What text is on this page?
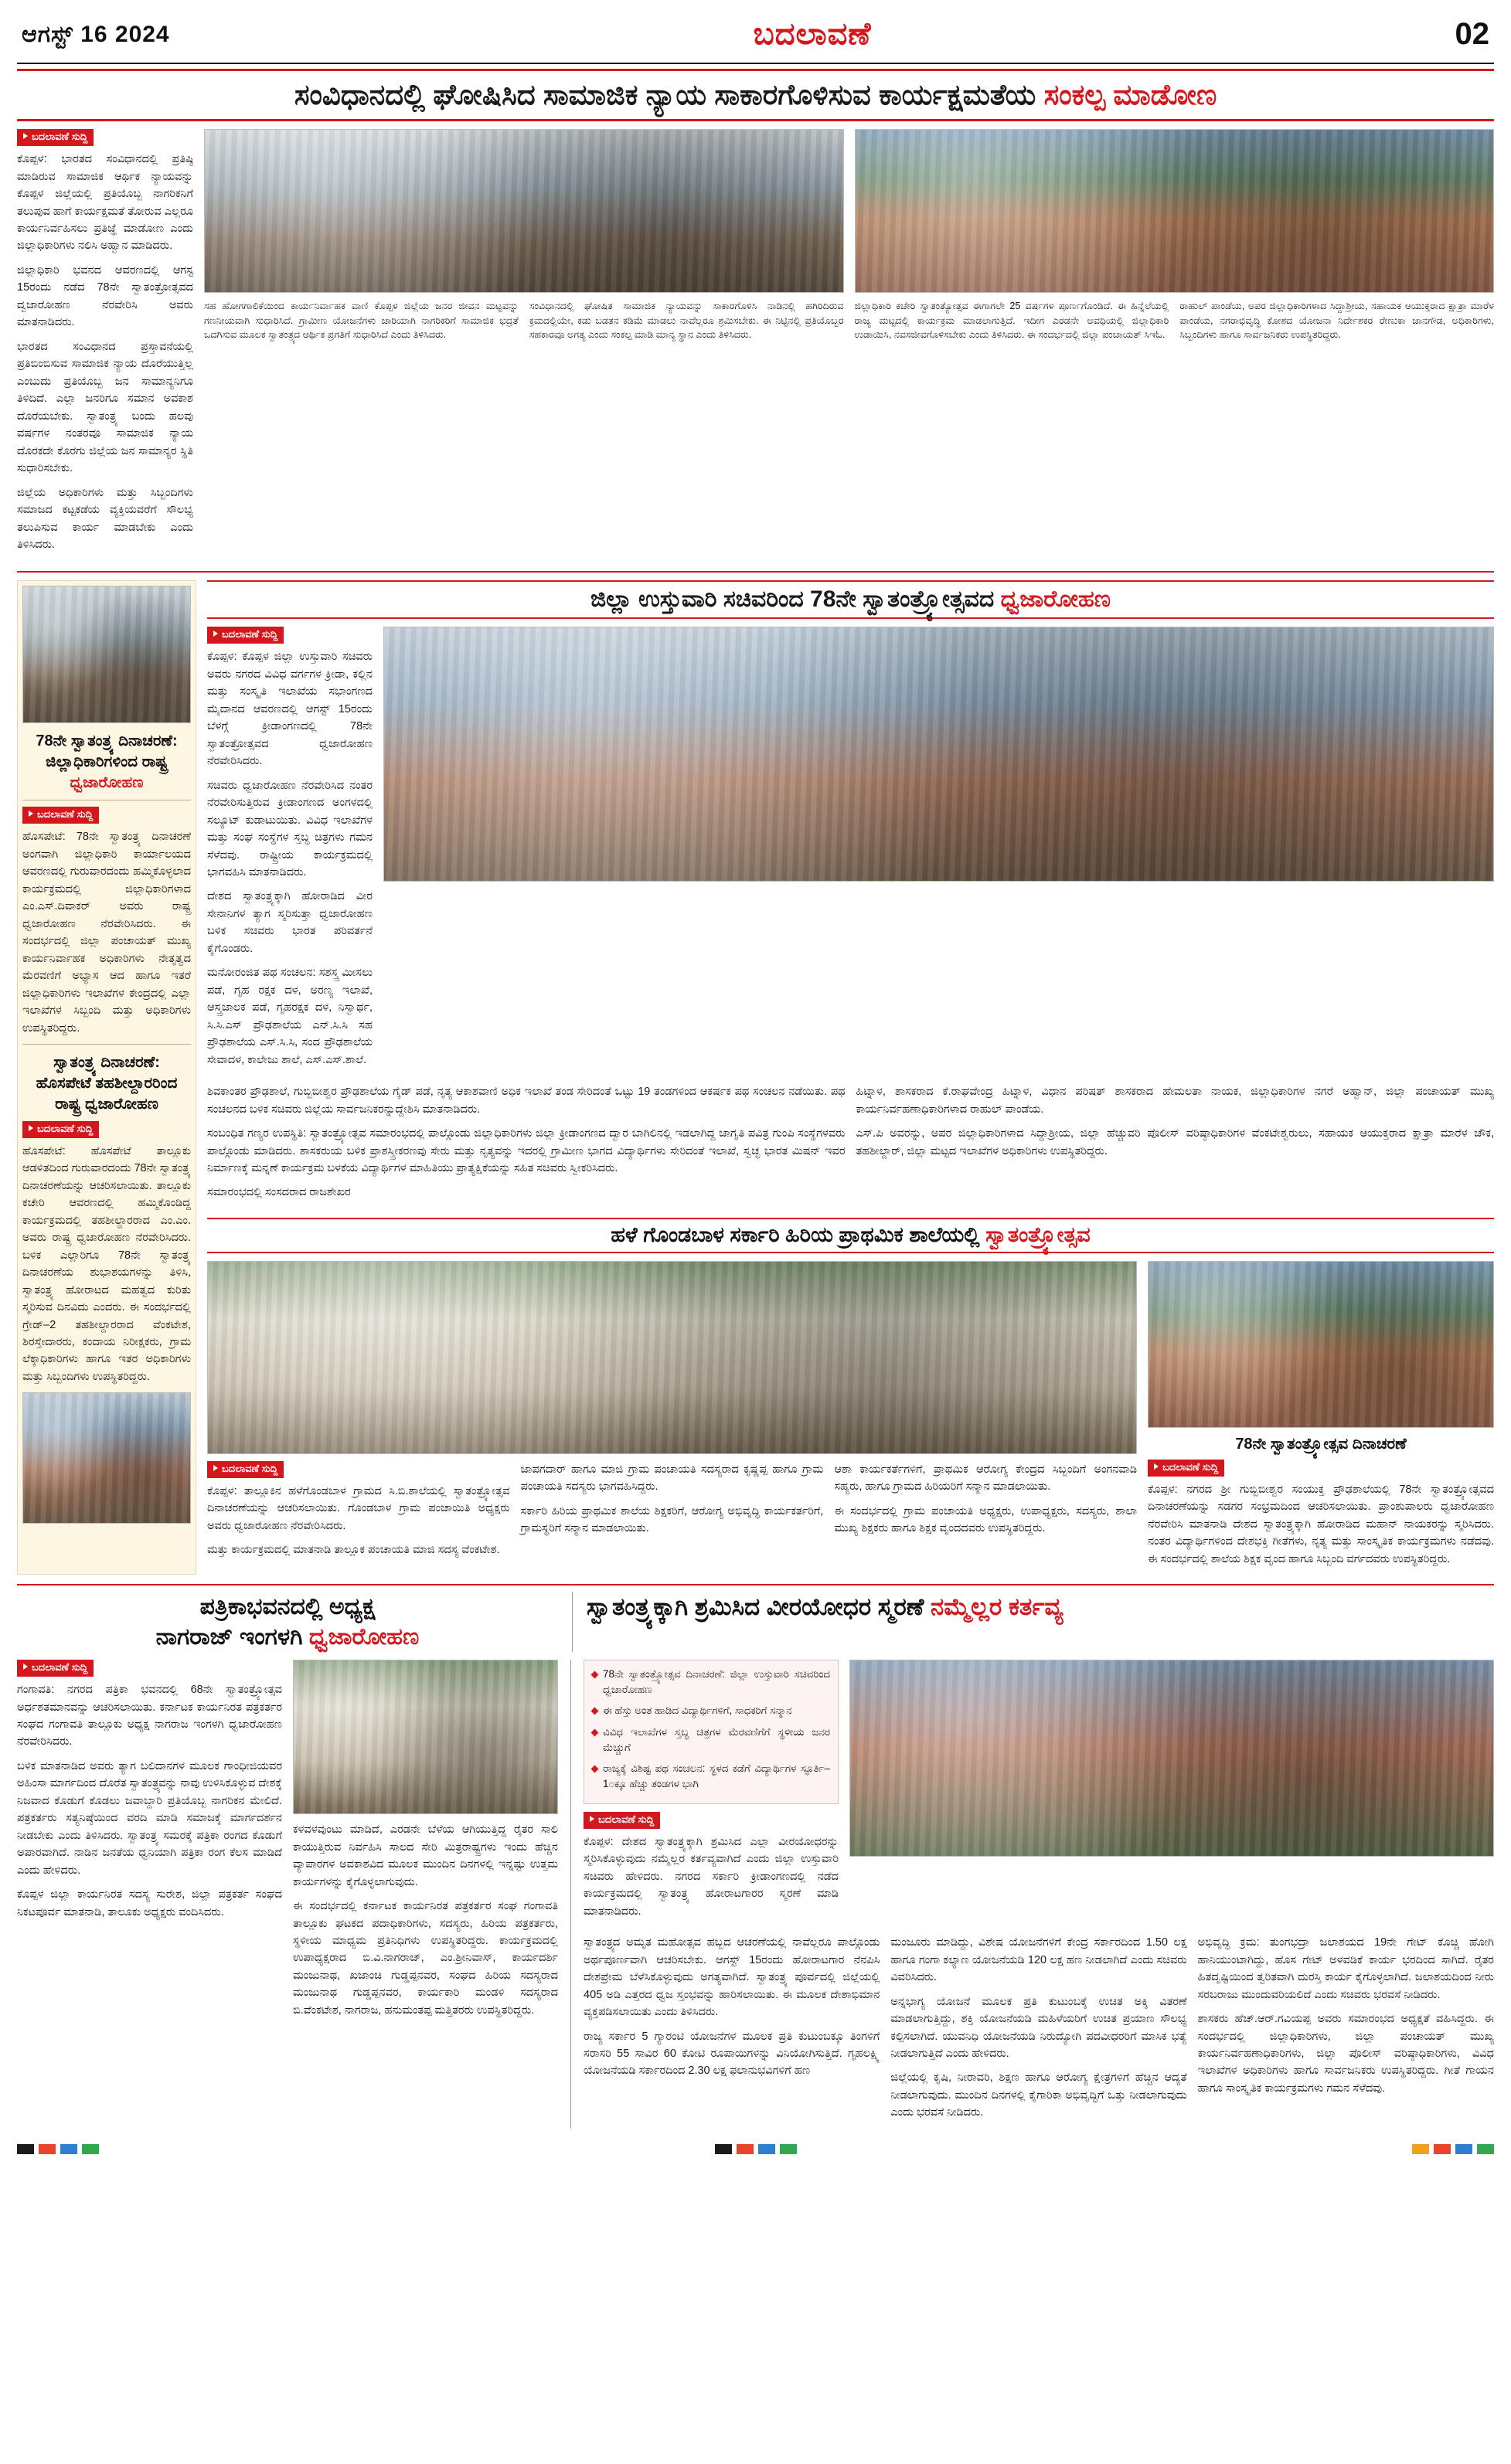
ಆಗಸ್ಟ್ 16 2024	ಬದಲಾವಣೆ	02
ಸಂವಿಧಾನದಲ್ಲಿ ಘೋಷಿಸಿದ ಸಾಮಾಜಿಕ ನ್ಯಾಯ ಸಾಕಾರಗೊಳಿಸುವ ಕಾರ್ಯಕ್ಷಮತೆಯ ಸಂಕಲ್ಪ ಮಾಡೋಣ
ಬದಲಾವಣೆ ಸುದ್ದಿ

ಕೊಪ್ಪಳ: ಭಾರತದ ಸಂವಿಧಾನದಲ್ಲಿ ಪ್ರತಿಷ್ಠಿ ಮಾಡಿರುವ ಸಾಮಾಜಿಕ ಆರ್ಥಿಕ ನ್ಯಾಯವನ್ನು ಕೊಪ್ಪಳ ಜಿಲ್ಲೆಯಲ್ಲಿ ಪ್ರತಿಯೊಬ್ಬ ನಾಗರಿಕನಿಗೆ ತಲುಪುವ ಹಾಗೆ ಕಾರ್ಯಕ್ಷಮತೆ ತೋರುವ ಎಲ್ಲರೂ ಕಾರ್ಯನಿರ್ವಹಿಸಲು ಪ್ರತಿಜ್ಞೆ ಮಾಡೋಣ ಎಂದು ಜಿಲ್ಲಾಧಿಕಾರಿಗಳು ನಲಿಸಿ ಅಹ್ವಾನ ಮಾಡಿದರು.

ಜಿಲ್ಲಾಧಿಕಾರಿ ಭವನದ ಆವರಣದಲ್ಲಿ ಆಗಸ್ಟ 15ರಂದು ನಡೆದ 78ನೇ ಸ್ವಾತಂತ್ರೋತ್ಸವದ ದ್ವಜಾರೋಹಣ ನೆರವೇರಿಸಿ ಅವರು ಮಾತನಾಡಿದರು.

ಭಾರತದ ಸಂವಿಧಾನದ ಪ್ರಸ್ತಾವನೆಯಲ್ಲಿ ಪ್ರತಿಬಿಂಬಿಸುವ ಸಾಮಾಜಿಕ ನ್ಯಾಯ ದೊರೆಯುತ್ತಿಲ್ಲ ಎಂಬುದು ಪ್ರತಿಯೊಬ್ಬ ಜನ ಸಾಮಾನ್ಯನಿಗೂ ತಿಳಿದಿದೆ. ಎಲ್ಲಾ ಜನರಿಗೂ ಸಮಾನ ಅವಕಾಶ ದೊರೆಯಬೇಕು. ಸ್ವಾತಂತ್ರ್ಯ ಬಂದು ಹಲವು ವರ್ಷಗಳ ನಂತರವೂ ಸಾಮಾಜಿಕ ನ್ಯಾಯ ದೊರಕದೇ ಕೊರಗು ಜಿಲ್ಲೆಯ ಜನ ಸಾಮಾನ್ಯರ ಸ್ಥಿತಿ ಸುಧಾರಿಸಬೇಕು.

ಜಿಲ್ಲೆಯ ಅಧಿಕಾರಿಗಳು ಮತ್ತು ಸಿಬ್ಬಂದಿಗಳು ಸಮಾಜದ ಕಟ್ಟಕಡೆಯ ವ್ಯಕ್ತಿಯವರೆಗೆ ಸೌಲಭ್ಯ ತಲುಪಿಸುವ ಕಾರ್ಯ ಮಾಡಬೇಕು ಎಂದು ತಿಳಿಸಿದರು.

ಸಹ ಹೋಗಗಾಲಿಕೆಯಿಂದ ಕಾರ್ಯನಿರ್ವಾಹಕ ವಾಣಿ ಕೊಪ್ಪಳ ಜಿಲ್ಲೆಯ ಜನರ ಜೀವನ ಮಟ್ಟವನ್ನು ಗಣನೀಯವಾಗಿ ಸುಧಾರಿಸಿದೆ. ಗ್ರಾಮೀಣ ಯೋಜನೆಗಳು ಜಾರಿಯಾಗಿ ನಾಗರಿಕರಿಗೆ ಸಾಮಾಜಿಕ ಭದ್ರತೆ ಒದಗಿಸುವ ಮೂಲಕ ಸ್ವಾತಂತ್ರ್ಯದ ಆರ್ಥಿಕ ಪ್ರಗತಿಗೆ ಸುಧಾರಿಸಿದೆ ಎಂದು ತಿಳಿಸಿದರು.
ಸಂವಿಧಾನದಲ್ಲಿ ಘೋಷಿತ ಸಾಮಾಜಿಕ ನ್ಯಾಯವನ್ನು ಸಾಕಾರಗೊಳಿಸಿ ನಾಡಿನಲ್ಲಿ ಹಗಿರಿದಿರುವ ಕ್ರಮದಲ್ಲಿಯೇ, ಕಡು ಬಡತನ ಕಡಿಮೆ ಮಾಡಲು ನಾವೆಲ್ಲರೂ ಶ್ರಮಿಸಬೇಕು. ಈ ನಿಟ್ಟಿನಲ್ಲಿ ಪ್ರತಿಯೊಬ್ಬರ ಸಹಕಾರವೂ ಅಗತ್ಯ ಎಂದು ಸಂಕಲ್ಪ ಮಾಡಿ ಮಾನ್ಯ ಸ್ಥಾನ ಎಂದು ತಿಳಿಸಿದರು.
ಜಿಲ್ಲಾಧಿಕಾರಿ ಕಚೇರಿ ಸ್ವಾತಂತ್ಯೋತ್ಸವ ಈಗಾಗಲೇ 25 ವರ್ಷಗಳ ಪೂರ್ಣಗೊಂಡಿದೆ. ಈ ಹಿನ್ನೆಲೆಯಲ್ಲಿ ರಾಜ್ಯ ಮಟ್ಟದಲ್ಲಿ ಕಾರ್ಯಕ್ರಮ ಮಾಡಲಾಗುತ್ತಿದೆ. ಇದೀಗ ಎರಡನೇ ಅವಧಿಯಲ್ಲಿ ಜಿಲ್ಲಾಧಿಕಾರಿ ಉಡಾಯಿಸಿ, ನವಸಜೀವಗೊಳಿಸಬೇಕು ಎಂದು ತಿಳಿಸಿದರು. ಈ ಸಂದರ್ಭದಲ್ಲಿ ಜಿಲ್ಲಾ ಪಂಚಾಯತ್ ಸಿಇಓ.
ರಾಹುಲ್ ಪಾಂಡೆಯ, ಅಪರ ಜಿಲ್ಲಾಧಿಕಾರಿಗಳಾದ ಸಿದ್ದಾಶ್ರೀಯ, ಸಹಾಯಕ ಆಯುಕ್ತರಾದ ಕ್ಷಾತ್ರಾ ಮಾರೆಳ ಪಾಂಡೆಯ, ನಗರಾಭಿವೃದ್ಧಿ ಕೋಶದ ಯೋಜನಾ ನಿರ್ದೇಶಕರ ರೇಣುಕಾ ಜಾನಗೌಡ, ಅಧಿಕಾರಿಗಳು, ಸಿಬ್ಬಂದಿಗಳು ಹಾಗೂ ಸಾರ್ವಜನಿಕರು ಉಪಸ್ಥಿತರಿದ್ದರು.
78ನೇ ಸ್ವಾತಂತ್ರ್ಯ ದಿನಾಚರಣೆ:
ಜಿಲ್ಲಾಧಿಕಾರಿಗಳಿಂದ ರಾಷ್ಟ್ರ
ಧ್ವಜಾರೋಹಣ
ಬದಲಾವಣೆ ಸುದ್ದಿ

ಹೊಸಪೇಟೆ: 78ನೇ ಸ್ವಾತಂತ್ರ್ಯ ದಿನಾಚರಣೆ ಅಂಗವಾಗಿ ಜಿಲ್ಲಾಧಿಕಾರಿ ಕಾರ್ಯಾಲಯದ ಆವರಣದಲ್ಲಿ ಗುರುವಾರದಂದು ಹಮ್ಮಿಕೊಳ್ಳಲಾದ ಕಾರ್ಯಕ್ರಮದಲ್ಲಿ ಜಿಲ್ಲಾಧಿಕಾರಿಗಳಾದ ಎಂ.ಎಸ್.ದಿವಾಕರ್ ಅವರು ರಾಷ್ಟ್ರ ಧ್ವಜಾರೋಹಣ ನೆರವೇರಿಸಿದರು. ಈ ಸಂದರ್ಭದಲ್ಲಿ ಜಿಲ್ಲಾ ಪಂಚಾಯತ್ ಮುಖ್ಯ ಕಾರ್ಯನಿರ್ವಾಹಕ ಅಧಿಕಾರಿಗಳು ನೇತೃತ್ವದ ಮೆರವಣಿಗೆ ಅಭ್ಯಾಸ ಆದ ಹಾಗೂ ಇತರೆ ಜಿಲ್ಲಾಧಿಕಾರಿಗಳು ಇಲಾಖೆಗಳ ಕೇಂದ್ರದಲ್ಲಿ ಎಲ್ಲಾ ಇಲಾಖೆಗಳ ಸಿಬ್ಬಂದಿ ಮತ್ತು ಅಧಿಕಾರಿಗಳು ಉಪಸ್ಥಿತರಿದ್ದರು.

ಸ್ವಾತಂತ್ರ್ಯ ದಿನಾಚರಣೆ:
ಹೊಸಪೇಟೆ ತಹಶೀಲ್ದಾರರಿಂದ
ರಾಷ್ಟ್ರ ಧ್ವಜಾರೋಹಣ
ಬದಲಾವಣೆ ಸುದ್ದಿ

ಹೊಸಪೇಟೆ: ಹೊಸಪೇಟೆ ತಾಲ್ಲೂಕು ಆಡಳಿತದಿಂದ ಗುರುವಾರದಂದು 78ನೇ ಸ್ವಾತಂತ್ರ್ಯ ದಿನಾಚರಣೆಯನ್ನು ಆಚರಿಸಲಾಯಿತು. ತಾಲ್ಲೂಕು ಕಚೇರಿ ಆವರಣದಲ್ಲಿ ಹಮ್ಮಿಕೊಂಡಿದ್ದ ಕಾರ್ಯಕ್ರಮದಲ್ಲಿ ತಹಶೀಲ್ದಾರರಾದ ಎಂ.ಎಂ. ಅವರು ರಾಷ್ಟ್ರ ಧ್ವಜಾರೋಹಣ ನೆರವೇರಿಸಿದರು. ಬಳಿಕ ಎಲ್ಲಾರಿಗೂ 78ನೇ ಸ್ವಾತಂತ್ರ್ಯ ದಿನಾಚರಣೆಯ ಶುಭಾಶಯಗಳನ್ನು ತಿಳಿಸಿ, ಸ್ವಾತಂತ್ರ್ಯ ಹೋರಾಟದ ಮಹತ್ವದ ಕುರಿತು ಸ್ಮರಿಸುವ ದಿನವಿದು ಎಂದರು. ಈ ಸಂದರ್ಭದಲ್ಲಿ ಗ್ರೇಡ್–2 ತಹಶೀಲ್ದಾರರಾದ ವೆಂಕಟೇಶ, ಶಿರಸ್ತೇದಾರರು, ಕಂದಾಯ ನಿರೀಕ್ಷಕರು, ಗ್ರಾಮ ಲೆಕ್ಕಾಧಿಕಾರಿಗಳು ಹಾಗೂ ಇತರ ಅಧಿಕಾರಿಗಳು ಮತ್ತು ಸಿಬ್ಬಂದಿಗಳು ಉಪಸ್ಥಿತರಿದ್ದರು.

ಜಿಲ್ಲಾ ಉಸ್ತುವಾರಿ ಸಚಿವರಿಂದ 78ನೇ ಸ್ವಾತಂತ್ರ್ಯೋತ್ಸವದ ಧ್ವಜಾರೋಹಣ
ಬದಲಾವಣೆ ಸುದ್ದಿ

ಕೊಪ್ಪಳ: ಕೊಪ್ಪಳ ಜಿಲ್ಲಾ ಉಸ್ತುವಾರಿ ಸಚಿವರು ಅವರು ನಗರದ ವಿವಿಧ ವರ್ಗಗಳ ಕ್ರೀಡಾ, ಕಲ್ಲಿನ ಮತ್ತು ಸಂಸ್ಕೃತಿ ಇಲಾಖೆಯ ಸಭಾಂಗಣದ ಮೈದಾನದ ಆವರಣದಲ್ಲಿ ಆಗಸ್ಟ್ 15ರಂದು ಬೆಳಗ್ಗೆ ಕ್ರೀಡಾಂಗಣದಲ್ಲಿ 78ನೇ ಸ್ವಾತಂತ್ರೋತ್ಸವದ ಧ್ವಜಾರೋಹಣ ನೆರವೇರಿಸಿದರು.

ಸಚಿವರು ಧ್ವಜಾರೋಹಣ ನೆರವೇರಿಸಿದ ನಂತರ ನೆರವೇರಿಸುತ್ತಿರುವ ಕ್ರೀಡಾಂಗಣದ ಅಂಗಳದಲ್ಲಿ ಸಲ್ಯೂಟ್ ಕುಡಾಟುಯಿತು. ವಿವಿಧ ಇಲಾಖೆಗಳ ಮತ್ತು ಸಂಘ ಸಂಸ್ಥೆಗಳ ಸ್ತಬ್ಧ ಚಿತ್ರಗಳು ಗಮನ ಸೆಳೆದವು. ರಾಷ್ಟ್ರೀಯ ಕಾರ್ಯಕ್ರಮದಲ್ಲಿ ಭಾಗವಹಿಸಿ ಮಾತನಾಡಿದರು.

ದೇಶದ ಸ್ವಾತಂತ್ರ್ಯಕ್ಕಾಗಿ ಹೋರಾಡಿದ ವೀರ ಸೇನಾನಿಗಳ ತ್ಯಾಗ ಸ್ಮರಿಸುತ್ತಾ ಧ್ವಜಾರೋಹಣ ಬಳಿಕ ಸಚಿವರು ಭಾರತ ಪರಿವರ್ತನೆ ಕೈಗೊಂಡರು.

ಮನೋರಂಜಿತ ಪಥ ಸಂಚಲನ: ಸಶಸ್ತ್ರ ಮೀಸಲು ಪಡೆ, ಗೃಹ ರಕ್ಷಕ ದಳ, ಅರಣ್ಯ ಇಲಾಖೆ, ಆಸ್ತ್ರಜಾಲಕ ಪಡೆ, ಗೃಹರಕ್ಷಕ ದಳ, ನಿಸ್ವಾರ್ಥ, ಸಿ.ಸಿ.ಎಸ್ ಪ್ರೌಢಶಾಲೆಯ ಎನ್.ಸಿ.ಸಿ ಸಹ ಪ್ರೌಢಶಾಲೆಯ ಎಸ್.ಸಿ.ಸಿ, ಸಂದ ಪ್ರೌಢಶಾಲೆಯ ಸೇವಾದಳ, ಕಾಲೇಜು ಶಾಲೆ, ಎಸ್.ಎಸ್.ಶಾಲೆ.

ಶಿವಕಾಂತರ ಪ್ರೌಢಶಾಲೆ, ಗುಬ್ಬಿಬೀಶ್ವರ ಪ್ರೌಢಶಾಲೆಯ ಗೈಡ್ ಪಡೆ, ನೃತ್ಯ ಆಕಾಶವಾಣಿ ಅಧಿಕ ಇಲಾಖೆ ತಂಡ ಸೇರಿದಂತೆ ಒಟ್ಟು 19 ತಂಡಗಳಿಂದ ಆಕರ್ಷಕ ಪಥ ಸಂಚಲನ ನಡೆಯಿತು. ಪಥ ಸಂಚಲನದ ಬಳಿಕ ಸಚಿವರು ಜಿಲ್ಲೆಯ ಸಾರ್ವಜನಿಕರನ್ನುದ್ದೇಶಿಸಿ ಮಾತನಾಡಿದರು.

ಸಂಬಂಧಿತ ಗಣ್ಯರ ಉಪಸ್ಥಿತಿ: ಸ್ವಾತಂತ್ರ್ಯೋತ್ಸವ ಸಮಾರಂಭದಲ್ಲಿ ಪಾಲ್ಗೊಂಡು ಜಿಲ್ಲಾಧಿಕಾರಿಗಳು ಜಿಲ್ಲಾ ಕ್ರೀಡಾಂಗಣದ ದ್ವಾರ ಬಾಗಿಲಿನಲ್ಲಿ ಇಡಲಾಗಿದ್ದ ಜಾಗೃತಿ ಪವಿತ್ರ ಗುಂಪಿ ಸಂಸ್ಥೆಗಳವರು ಪಾಲ್ಗೊಂಡು ಮಾಡಿದರು. ಶಾಸಕರುಯ ಬಳಿಕ ಪ್ರಾಶಸ್ತ್ರೀಕರಣವು ಸೇರು ಮತ್ತು ನೃತ್ಯವನ್ನು ಇದರಲ್ಲಿ ಗ್ರಾಮೀಣ ಭಾಗದ ವಿದ್ಯಾರ್ಥಿಗಳು ಸೇರಿದಂತೆ ಇಲಾಖೆ, ಸ್ವಚ್ಛ ಭಾರತ ಮಿಷನ್ ಇವರ ನಿರ್ಮಾಣಕ್ಕೆ ಮನ್ನಣೆ ಕಾರ್ಯಕ್ರಮ ಬಳಕೆಯ ವಿದ್ಯಾರ್ಥಿಗಳ ಮಾಹಿತಿಯು ಪ್ರಾತ್ಯಕ್ಷಿಕೆಯನ್ನು ಸಹಿತ ಸಚಿವರು ಸ್ವೀಕರಿಸಿದರು.

ಸಮಾರಂಭದಲ್ಲಿ ಸಂಸದರಾದ ರಾಜಶೇಖರ

ಹಿಟ್ನಾಳ, ಶಾಸಕರಾದ ಕೆ.ರಾಘವೇಂದ್ರ ಹಿಟ್ನಾಳ, ವಿಧಾನ ಪರಿಷತ್ ಶಾಸಕರಾದ ಹೇಮಲತಾ ನಾಯಕ, ಜಿಲ್ಲಾಧಿಕಾರಿಗಳ ನಗರೆ ಅಹ್ವಾನ್, ಜಿಲ್ಲಾ ಪಂಚಾಯತ್ ಮುಖ್ಯ ಕಾರ್ಯನಿರ್ವಹಣಾಧಿಕಾರಿಗಳಾದ ರಾಹುಲ್ ಪಾಂಡೆಯ.

ಎಸ್.ಪಿ ಅವರನ್ನು, ಅಪರ ಜಿಲ್ಲಾಧಿಕಾರಿಗಳಾದ ಸಿದ್ದಾಶ್ರೀಯ, ಜಿಲ್ಲಾ ಹೆಚ್ಚುವರಿ ಪೊಲೀಸ್ ವರಿಷ್ಠಾಧಿಕಾರಿಗಳ ವೆಂಕಟೇಶ್ವರುಲು, ಸಹಾಯಕ ಆಯುಕ್ತರಾದ ಕ್ಷಾತ್ರಾ ಮಾರೆಳ ಚೌಕ, ತಹಶೀಲ್ದಾರ್, ಜಿಲ್ಲಾ ಮಟ್ಟದ ಇಲಾಖೆಗಳ ಅಧಿಕಾರಿಗಳು ಉಪಸ್ಥಿತರಿದ್ದರು.

ಹಳೆ ಗೊಂಡಬಾಳ ಸರ್ಕಾರಿ ಹಿರಿಯ ಪ್ರಾಥಮಿಕ ಶಾಲೆಯಲ್ಲಿ ಸ್ವಾತಂತ್ರ್ಯೋತ್ಸವ
ಬದಲಾವಣೆ ಸುದ್ದಿ

ಕೊಪ್ಪಳ: ತಾಲ್ಲೂಕಿನ ಹಳೆಗೊಂಡಬಾಳ ಗ್ರಾಮದ ಸಿ.ಬಿ.ಶಾಲೆಯಲ್ಲಿ ಸ್ವಾತಂತ್ರ್ಯೋತ್ಸವ ದಿನಾಚರಣೆಯನ್ನು ಆಚರಿಸಲಾಯಿತು. ಗೊಂಡಬಾಳ ಗ್ರಾಮ ಪಂಚಾಯಿತಿ ಅಧ್ಯಕ್ಷರು ಅವರು ಧ್ವಜಾರೋಹಣ ನೆರವೇರಿಸಿದರು.

ಮತ್ತು ಕಾರ್ಯಕ್ರಮದಲ್ಲಿ ಮಾತನಾಡಿ ತಾಲ್ಲೂಕ ಪಂಚಾಯತಿ ಮಾಜಿ ಸದಸ್ಯ ವೆಂಕಟೇಶ.

ಜಾಪಗದಾರ್ ಹಾಗೂ ಮಾಜಿ ಗ್ರಾಮ ಪಂಚಾಯತಿ ಸದಸ್ಯರಾದ ಕೃಷ್ಣಪ್ಪ ಹಾಗೂ ಗ್ರಾಮ ಪಂಚಾಯತಿ ಸದಸ್ಯರು ಭಾಗವಹಿಸಿದ್ದರು.

ಸರ್ಕಾರಿ ಹಿರಿಯ ಪ್ರಾಥಮಿಕ ಶಾಲೆಯ ಶಿಕ್ಷಕರಿಗೆ, ಆರೋಗ್ಯ ಅಭಿವೃದ್ಧಿ ಕಾರ್ಯಕರ್ತರಿಗೆ, ಗ್ರಾಮಸ್ಥರಿಗೆ ಸನ್ಮಾನ ಮಾಡಲಾಯಿತು.

ಆಶಾ ಕಾರ್ಯಕರ್ತೆಗಳಿಗೆ, ಪ್ರಾಥಮಿಕ ಆರೋಗ್ಯ ಕೇಂದ್ರದ ಸಿಬ್ಬಂದಿಗೆ ಅಂಗನವಾಡಿ ಸಹ್ಯರು, ಹಾಗೂ ಗ್ರಾಮದ ಹಿರಿಯರಿಗೆ ಸನ್ಮಾನ ಮಾಡಲಾಯಿತು.

ಈ ಸಂದರ್ಭದಲ್ಲಿ ಗ್ರಾಮ ಪಂಚಾಯತಿ ಅಧ್ಯಕ್ಷರು, ಉಪಾಧ್ಯಕ್ಷರು, ಸದಸ್ಯರು, ಶಾಲಾ ಮುಖ್ಯ ಶಿಕ್ಷಕರು ಹಾಗೂ ಶಿಕ್ಷಕ ವೃಂದದವರು ಉಪಸ್ಥಿತರಿದ್ದರು.

78ನೇ ಸ್ವಾತಂತ್ರ್ಯೋತ್ಸವ ದಿನಾಚರಣೆ
ಬದಲಾವಣೆ ಸುದ್ದಿ

ಕೊಪ್ಪಳ: ನಗರದ ಶ್ರೀ ಗುಬ್ಬಿಬೀಶ್ವರ ಸಂಯುಕ್ತ ಪ್ರೌಢಶಾಲೆಯಲ್ಲಿ 78ನೇ ಸ್ವಾತಂತ್ರ್ಯೋತ್ಸವದ ದಿನಾಚರಣೆಯನ್ನು ಸಡಗರ ಸಂಭ್ರಮದಿಂದ ಆಚರಿಸಲಾಯಿತು. ಪ್ರಾಂಶುಪಾಲರು ಧ್ವಜಾರೋಹಣ ನೆರವೇರಿಸಿ ಮಾತನಾಡಿ ದೇಶದ ಸ್ವಾತಂತ್ರ್ಯಕ್ಕಾಗಿ ಹೋರಾಡಿದ ಮಹಾನ್ ನಾಯಕರನ್ನು ಸ್ಮರಿಸಿದರು. ನಂತರ ವಿದ್ಯಾರ್ಥಿಗಳಿಂದ ದೇಶಭಕ್ತಿ ಗೀತೆಗಳು, ನೃತ್ಯ ಮತ್ತು ಸಾಂಸ್ಕೃತಿಕ ಕಾರ್ಯಕ್ರಮಗಳು ನಡೆದವು. ಈ ಸಂದರ್ಭದಲ್ಲಿ ಶಾಲೆಯ ಶಿಕ್ಷಕ ವೃಂದ ಹಾಗೂ ಸಿಬ್ಬಂದಿ ವರ್ಗದವರು ಉಪಸ್ಥಿತರಿದ್ದರು.

ಪತ್ರಿಕಾಭವನದಲ್ಲಿ ಅಧ್ಯಕ್ಷ
ನಾಗರಾಜ್ ಇಂಗಳಗಿ ಧ್ವಜಾರೋಹಣ
ಸ್ವಾತಂತ್ರ್ಯಕ್ಕಾಗಿ ಶ್ರಮಿಸಿದ ವೀರಯೋಧರ ಸ್ಮರಣೆ ನಮ್ಮೆಲ್ಲರ ಕರ್ತವ್ಯ
ಬದಲಾವಣೆ ಸುದ್ದಿ

ಗಂಗಾವತಿ: ನಗರದ ಪತ್ರಿಕಾ ಭವನದಲ್ಲಿ 68ನೇ ಸ್ವಾತಂತ್ರ್ಯೋತ್ಸವ ಅರ್ಧಶತಮಾನವನ್ನು ಆಚರಿಸಲಾಯಿತು. ಕರ್ನಾಟಕ ಕಾರ್ಯನಿರತ ಪತ್ರಕರ್ತರ ಸಂಘದ ಗಂಗಾವತಿ ತಾಲ್ಲೂಕು ಅಧ್ಯಕ್ಷ ನಾಗರಾಜ ಇಂಗಳಗಿ ಧ್ವಜಾರೋಹಣ ನೆರವೇರಿಸಿದರು.

ಬಳಿಕ ಮಾತನಾಡಿದ ಅವರು ತ್ಯಾಗ ಬಲಿದಾನಗಳ ಮೂಲಕ ಗಾಂಧೀಜಿಯವರ ಅಹಿಂಸಾ ಮಾರ್ಗದಿಂದ ದೊರೆತ ಸ್ವಾತಂತ್ರ್ಯವನ್ನು ನಾವು ಉಳಿಸಿಕೊಳ್ಳುವ ದೇಶಕ್ಕೆ ನಿಜವಾದ ಕೊಡುಗೆ ಕೊಡಲು ಜವಾಬ್ದಾರಿ ಪ್ರತಿಯೊಬ್ಬ ನಾಗರಿಕನ ಮೇಲಿದೆ. ಪತ್ರಕರ್ತರು ಸತ್ಯನಿಷ್ಠೆಯಿಂದ ವರದಿ ಮಾಡಿ ಸಮಾಜಕ್ಕೆ ಮಾರ್ಗದರ್ಶನ ನೀಡಬೇಕು ಎಂದು ತಿಳಿಸಿದರು. ಸ್ವಾತಂತ್ರ್ಯ ಸಮರಕ್ಕೆ ಪತ್ರಿಕಾ ರಂಗದ ಕೊಡುಗೆ ಅಪಾರವಾಗಿದೆ. ನಾಡಿನ ಜನತೆಯ ಧ್ವನಿಯಾಗಿ ಪತ್ರಿಕಾ ರಂಗ ಕೆಲಸ ಮಾಡಿದೆ ಎಂದು ಹೇಳಿದರು.

ಕೊಪ್ಪಳ ಜಿಲ್ಲಾ ಕಾರ್ಯನಿರತ ಸದಸ್ಯ ಸುರೇಶ, ಜಿಲ್ಲಾ ಪತ್ರಕರ್ತ ಸಂಘದ ನಿಕಟಪೂರ್ವ ಮಾತನಾಡಿ, ತಾಲೂಕು ಅಧ್ಯಕ್ಷರು ವಂದಿಸಿದರು.

ಕಳವಳವುಂಟು ಮಾಡಿದೆ, ಎರಡನೇ ಬೆಳೆಯ ಆಗಿಯುತ್ತಿದ್ದ ರೈತರ ಸಾಲಿ ಕಾಯುತ್ತಿರುವ ನಿರ್ವಹಿಸಿ ಸಾಲದ ಸೇರಿ ಮಿತ್ರರಾಷ್ಟ್ರಗಳು ಇಂದು ಹೆಚ್ಚಿನ ವ್ಯಾಪಾರಗಳ ಅವಕಾಶವಿದ ಮೂಲಕ ಮುಂದಿನ ದಿನಗಳಲ್ಲಿ ಇನ್ನಷ್ಟು ಉತ್ತಮ ಕಾರ್ಯಗಳನ್ನು ಕೈಗೊಳ್ಳಲಾಗುವುದು.

ಈ ಸಂದರ್ಭದಲ್ಲಿ ಕರ್ನಾಟಕ ಕಾರ್ಯನಿರತ ಪತ್ರಕರ್ತರ ಸಂಘ ಗಂಗಾವತಿ ತಾಲ್ಲೂಕು ಘಟಕದ ಪದಾಧಿಕಾರಿಗಳು, ಸದಸ್ಯರು, ಹಿರಿಯ ಪತ್ರಕರ್ತರು, ಸ್ಥಳೀಯ ಮಾಧ್ಯಮ ಪ್ರತಿನಿಧಿಗಳು ಉಪಸ್ಥಿತರಿದ್ದರು. ಕಾರ್ಯಕ್ರಮದಲ್ಲಿ ಉಪಾಧ್ಯಕ್ಷರಾದ ಬಿ.ವಿ.ನಾಗರಾಜ್, ಎಂ.ಶ್ರೀನಿವಾಸ್, ಕಾರ್ಯದರ್ಶಿ ಮಂಜುನಾಥ, ಖಜಾಂಚಿ ಗುಡ್ಡಪ್ಪನವರ, ಸಂಘದ ಹಿರಿಯ ಸದಸ್ಯರಾದ ಮಂಜುನಾಥ ಗುಡ್ಡಪ್ಪನವರ, ಕಾರ್ಯಕಾರಿ ಮಂಡಳಿ ಸದಸ್ಯರಾದ ಬಿ.ವೆಂಕಟೇಶ, ನಾಗರಾಜ, ಹನುಮಂತಪ್ಪ ಮತ್ತಿತರರು ಉಪಸ್ಥಿತರಿದ್ದರು.

78ನೇ ಸ್ವಾತಂತ್ರ್ಯೋತ್ಸವ ದಿನಾಚರಣೆ: ಜಿಲ್ಲಾ ಉಸ್ತುವಾರಿ ಸಚಿವರಿಂದ ಧ್ವಜಾರೋಹಣ
ಈ ಹೆಸ್ತು ಅಂತ ಹಾಡಿದ ವಿದ್ಯಾರ್ಥಿಗಳಿಗೆ, ಸಾಧಕರಿಗೆ ಸನ್ಮಾನ
ವಿವಿಧ ಇಲಾಖೆಗಳ ಸ್ತಬ್ಧ ಚಿತ್ರಗಳ ಮೆರವಣಿಗೆಗೆ ಸ್ಥಳೀಯ ಜನರ ಮೆಚ್ಚುಗೆ
ರಾಜ್ಯಕ್ಕೆ ವಿಶಿಷ್ಟ ಪಥ ಸಂಚಲನ: ಸ್ಥಳದ ಕಡೆಗೆ ವಿದ್ಯಾರ್ಥಿಗಳ ಸ್ಫೂರ್ತಿ–1೦ಕ್ಕೂ ಹೆಚ್ಚು ತಂಡಗಳ ಭಾಗಿ
ಬದಲಾವಣೆ ಸುದ್ದಿ

ಕೊಪ್ಪಳ: ದೇಶದ ಸ್ವಾತಂತ್ರ್ಯಕ್ಕಾಗಿ ಶ್ರಮಿಸಿದ ಎಲ್ಲಾ ವೀರಯೋಧರನ್ನು ಸ್ಮರಿಸಿಕೊಳ್ಳುವುದು ನಮ್ಮೆಲ್ಲರ ಕರ್ತವ್ಯವಾಗಿದೆ ಎಂದು ಜಿಲ್ಲಾ ಉಸ್ತುವಾರಿ ಸಚಿವರು ಹೇಳಿದರು. ನಗರದ ಸರ್ಕಾರಿ ಕ್ರೀಡಾಂಗಣದಲ್ಲಿ ನಡೆದ ಕಾರ್ಯಕ್ರಮದಲ್ಲಿ ಸ್ವಾತಂತ್ರ್ಯ ಹೋರಾಟಗಾರರ ಸ್ಮರಣೆ ಮಾಡಿ ಮಾತನಾಡಿದರು.

ಸ್ವಾತಂತ್ರ್ಯದ ಅಮೃತ ಮಹೋತ್ಸವ ಹಬ್ಬದ ಆಚರಣೆಯಲ್ಲಿ ನಾವೆಲ್ಲರೂ ಪಾಲ್ಗೊಂಡು ಅರ್ಥಪೂರ್ಣವಾಗಿ ಆಚರಿಸಬೇಕು. ಆಗಸ್ಟ್ 15ರಂದು ಹೋರಾಟಗಾರ ನೆನಪಿಸಿ ದೇಶಪ್ರೇಮ ಬೆಳೆಸಿಕೊಳ್ಳುವುದು ಅಗತ್ಯವಾಗಿದೆ. ಸ್ವಾತಂತ್ರ್ಯ ಪೂರ್ವದಲ್ಲಿ ಜಿಲ್ಲೆಯಲ್ಲಿ 405 ಅಡಿ ಎತ್ತರದ ಧ್ವಜ ಸ್ತಂಭವನ್ನು ಹಾರಿಸಲಾಯಿತು. ಈ ಮೂಲಕ ದೇಶಾಭಿಮಾನ ವ್ಯಕ್ತಪಡಿಸಲಾಯಿತು ಎಂದು ತಿಳಿಸಿದರು.

ರಾಜ್ಯ ಸರ್ಕಾರ 5 ಗ್ಯಾರಂಟಿ ಯೋಜನೆಗಳ ಮೂಲಕ ಪ್ರತಿ ಕುಟುಂಬಕ್ಕೂ ತಿಂಗಳಿಗೆ ಸರಾಸರಿ 55 ಸಾವಿರ 60 ಕೋಟಿ ರೂಪಾಯಿಗಳನ್ನು ವಿನಿಯೋಗಿಸುತ್ತಿದೆ. ಗೃಹಲಕ್ಷ್ಮಿ ಯೋಜನೆಯಡಿ ಸರ್ಕಾರದಿಂದ 2.30 ಲಕ್ಷ ಫಲಾನುಭವಿಗಳಿಗೆ ಹಣ

ಮಂಜೂರು ಮಾಡಿದ್ದು, ವಿಶೇಷ ಯೋಜನೆಗಳಿಗೆ ಕೇಂದ್ರ ಸರ್ಕಾರದಿಂದ 1.50 ಲಕ್ಷ ಹಾಗೂ ಗಂಗಾ ಕಲ್ಯಾಣ ಯೋಜನೆಯಡಿ 120 ಲಕ್ಷ ಹಣ ನೀಡಲಾಗಿದೆ ಎಂದು ಸಚಿವರು ವಿವರಿಸಿದರು.

ಅನ್ನಭಾಗ್ಯ ಯೋಜನೆ ಮೂಲಕ ಪ್ರತಿ ಕುಟುಂಬಕ್ಕೆ ಉಚಿತ ಅಕ್ಕಿ ವಿತರಣೆ ಮಾಡಲಾಗುತ್ತಿದ್ದು, ಶಕ್ತಿ ಯೋಜನೆಯಡಿ ಮಹಿಳೆಯರಿಗೆ ಉಚಿತ ಪ್ರಯಾಣ ಸೌಲಭ್ಯ ಕಲ್ಪಿಸಲಾಗಿದೆ. ಯುವನಿಧಿ ಯೋಜನೆಯಡಿ ನಿರುದ್ಯೋಗಿ ಪದವೀಧರರಿಗೆ ಮಾಸಿಕ ಭತ್ಯೆ ನೀಡಲಾಗುತ್ತಿದೆ ಎಂದು ಹೇಳಿದರು.

ಜಿಲ್ಲೆಯಲ್ಲಿ ಕೃಷಿ, ನೀರಾವರಿ, ಶಿಕ್ಷಣ ಹಾಗೂ ಆರೋಗ್ಯ ಕ್ಷೇತ್ರಗಳಿಗೆ ಹೆಚ್ಚಿನ ಆದ್ಯತೆ ನೀಡಲಾಗುವುದು. ಮುಂದಿನ ದಿನಗಳಲ್ಲಿ ಕೈಗಾರಿಕಾ ಅಭಿವೃದ್ಧಿಗೆ ಒತ್ತು ನೀಡಲಾಗುವುದು ಎಂದು ಭರವಸೆ ನೀಡಿದರು.

ಅಭಿವೃದ್ಧಿ ಕ್ರಮ: ತುಂಗಭದ್ರಾ ಜಲಾಶಯದ 19ನೇ ಗೇಟ್ ಕೊಚ್ಚಿ ಹೋಗಿ ಹಾನಿಯುಂಟಾಗಿದ್ದು, ಹೊಸ ಗೇಟ್ ಅಳವಡಿಕೆ ಕಾರ್ಯ ಭರದಿಂದ ಸಾಗಿದೆ. ರೈತರ ಹಿತದೃಷ್ಟಿಯಿಂದ ತ್ವರಿತವಾಗಿ ದುರಸ್ತಿ ಕಾರ್ಯ ಕೈಗೊಳ್ಳಲಾಗಿದೆ. ಜಲಾಶಯದಿಂದ ನೀರು ಸರಬರಾಜು ಮುಂದುವರಿಯಲಿದೆ ಎಂದು ಸಚಿವರು ಭರವಸೆ ನೀಡಿದರು.

ಶಾಸಕರು ಹೆಚ್.ಆರ್.ಗವಿಯಪ್ಪ ಅವರು ಸಮಾರಂಭದ ಅಧ್ಯಕ್ಷತೆ ವಹಿಸಿದ್ದರು. ಈ ಸಂದರ್ಭದಲ್ಲಿ ಜಿಲ್ಲಾಧಿಕಾರಿಗಳು, ಜಿಲ್ಲಾ ಪಂಚಾಯತ್ ಮುಖ್ಯ ಕಾರ್ಯನಿರ್ವಹಣಾಧಿಕಾರಿಗಳು, ಜಿಲ್ಲಾ ಪೊಲೀಸ್ ವರಿಷ್ಠಾಧಿಕಾರಿಗಳು, ವಿವಿಧ ಇಲಾಖೆಗಳ ಅಧಿಕಾರಿಗಳು ಹಾಗೂ ಸಾರ್ವಜನಿಕರು ಉಪಸ್ಥಿತರಿದ್ದರು. ಗೀತೆ ಗಾಯನ ಹಾಗೂ ಸಾಂಸ್ಕೃತಿಕ ಕಾರ್ಯಕ್ರಮಗಳು ಗಮನ ಸೆಳೆದವು.
